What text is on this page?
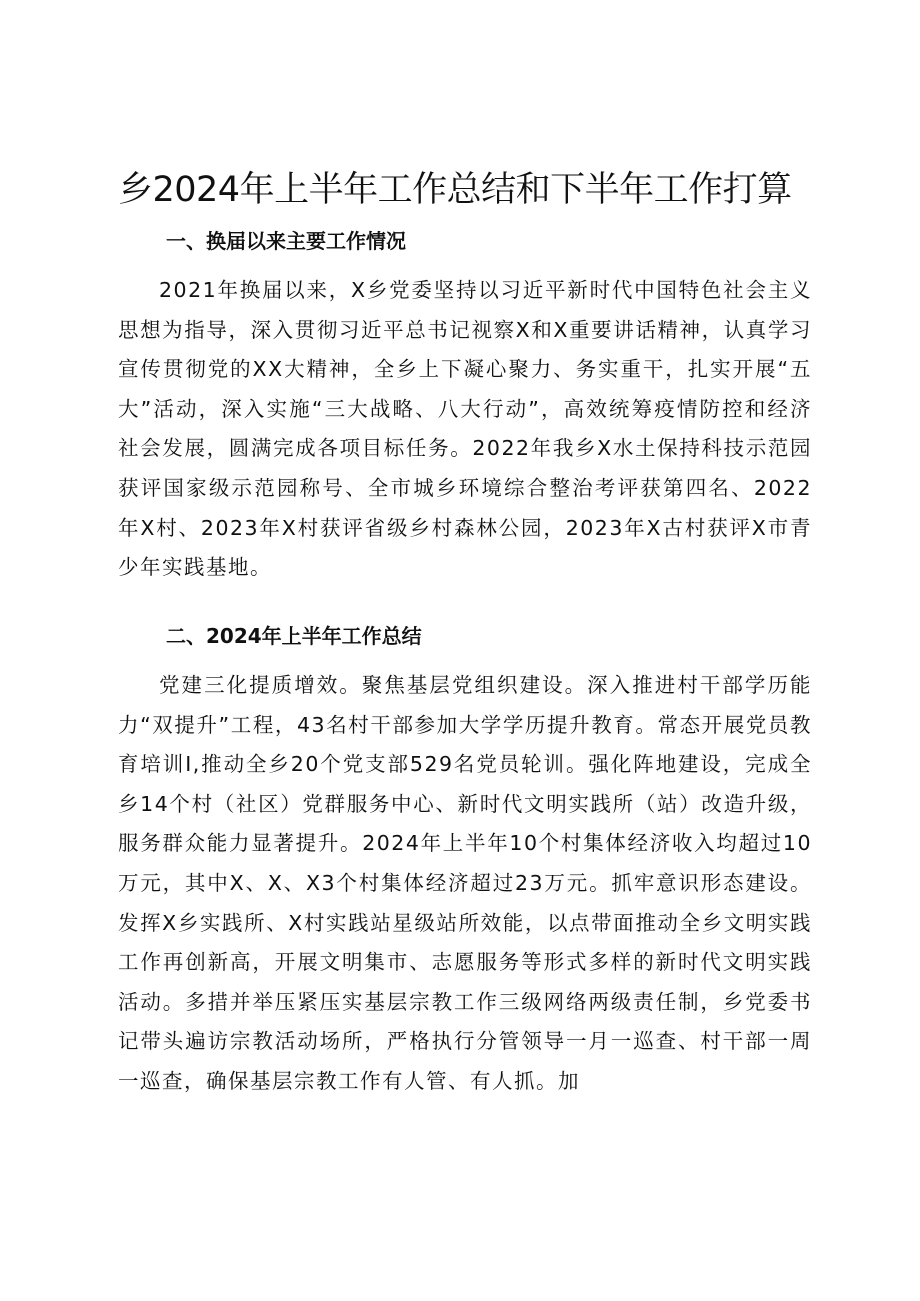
乡2024年上半年工作总结和下半年工作打算
一、换届以来主要工作情况

2021年换届以来，X乡党委坚持以习近平新时代中国特色社会主义思想为指导，深入贯彻习近平总书记视察X和X重要讲话精神，认真学习宣传贯彻党的XX大精神，全乡上下凝心聚力、务实重干，扎实开展“五大”活动，深入实施“三大战略、八大行动”，高效统筹疫情防控和经济社会发展，圆满完成各项目标任务。2022年我乡X水土保持科技示范园获评国家级示范园称号、全市城乡环境综合整治考评获第四名、2022年X村、2023年X村获评省级乡村森林公园，2023年X古村获评X市青少年实践基地。

二、2024年上半年工作总结

党建三化提质增效。聚焦基层党组织建设。深入推进村干部学历能力“双提升”工程，43名村干部参加大学学历提升教育。常态开展党员教育培训I,推动全乡20个党支部529名党员轮训。强化阵地建设，完成全乡14个村（社区）党群服务中心、新时代文明实践所（站）改造升级，服务群众能力显著提升。2024年上半年10个村集体经济收入均超过10万元，其中X、X、X3个村集体经济超过23万元。抓牢意识形态建设。发挥X乡实践所、X村实践站星级站所效能，以点带面推动全乡文明实践工作再创新高，开展文明集市、志愿服务等形式多样的新时代文明实践活动。多措并举压紧压实基层宗教工作三级网络两级责任制，乡党委书记带头遍访宗教活动场所，严格执行分管领导一月一巡查、村干部一周一巡查，确保基层宗教工作有人管、有人抓。加
